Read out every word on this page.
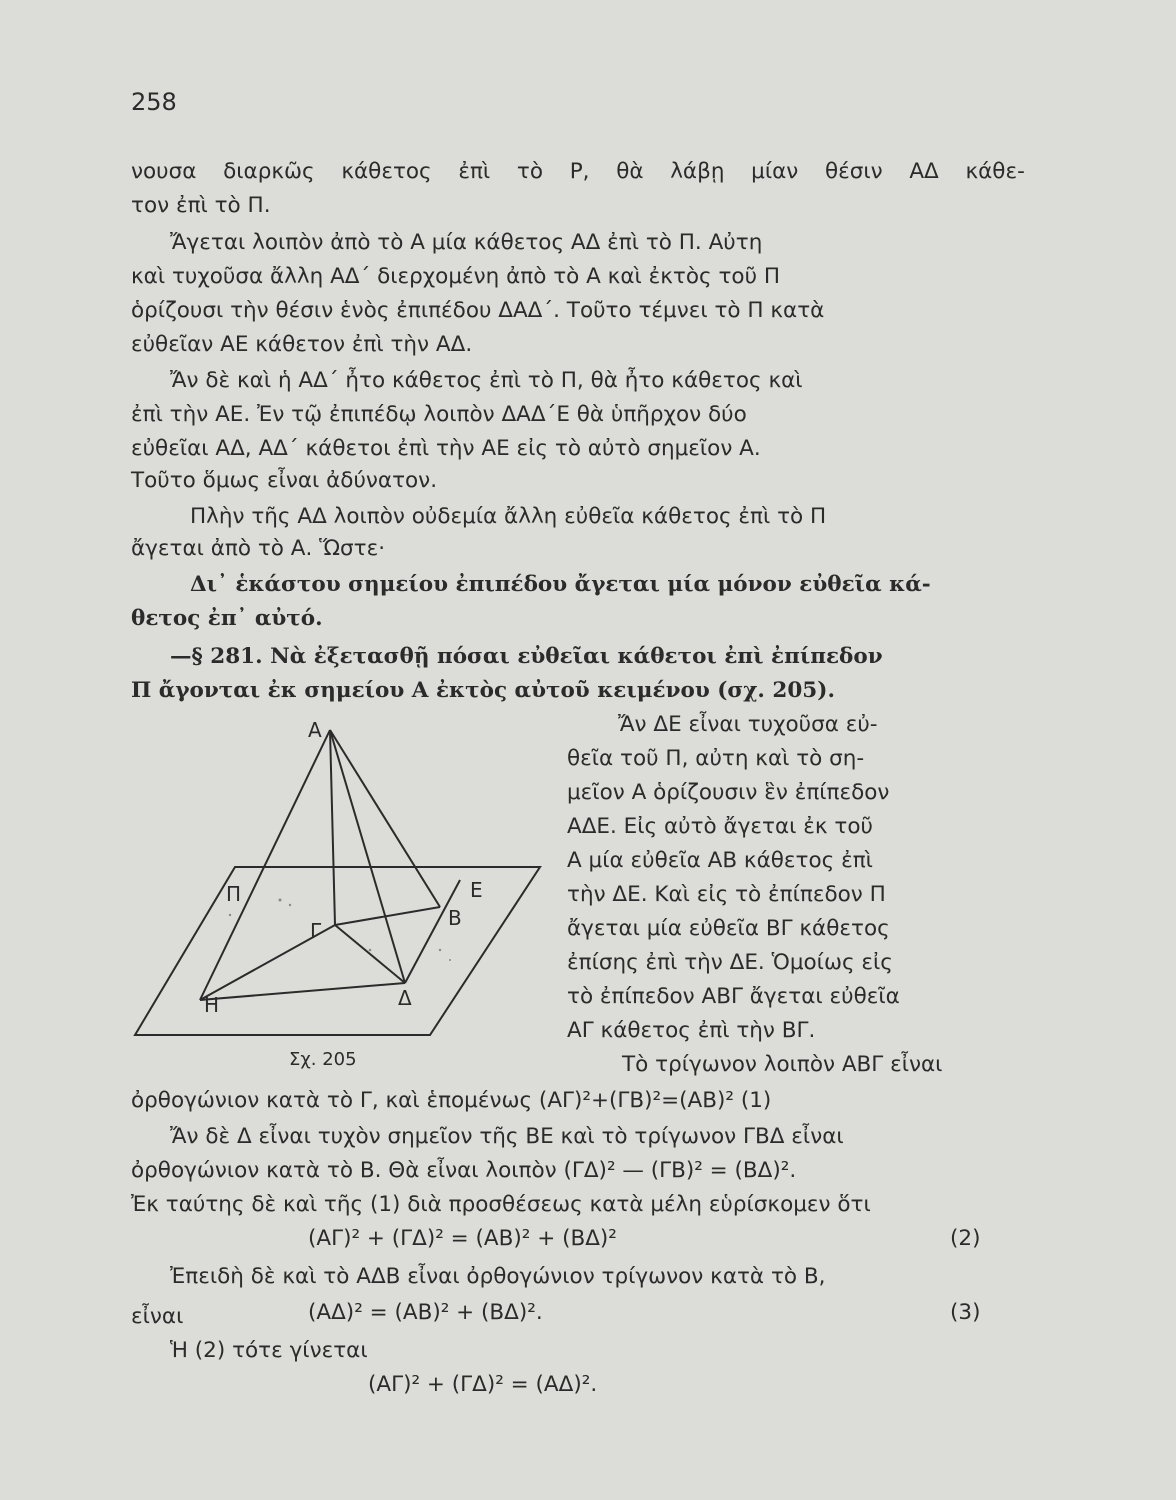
258
νουσα διαρκῶς κάθετος ἐπὶ τὸ Ρ, θὰ λάβῃ μίαν θέσιν ΑΔ κάθε-
τον ἐπὶ τὸ Π.
Ἄγεται λοιπὸν ἀπὸ τὸ Α μία κάθετος ΑΔ ἐπὶ τὸ Π. Αὐτη
καὶ τυχοῦσα ἄλλη ΑΔ΄ διερχομένη ἀπὸ τὸ Α καὶ ἐκτὸς τοῦ Π
ὁρίζουσι τὴν θέσιν ἑνὸς ἐπιπέδου ΔΑΔ΄. Τοῦτο τέμνει τὸ Π κατὰ
εὐθεῖαν ΑΕ κάθετον ἐπὶ τὴν ΑΔ.
Ἄν δὲ καὶ ἡ ΑΔ΄ ἦτο κάθετος ἐπὶ τὸ Π, θὰ ἦτο κάθετος καὶ
ἐπὶ τὴν ΑΕ. Ἐν τῷ ἐπιπέδῳ λοιπὸν ΔΑΔ΄Ε θὰ ὑπῆρχον δύο
εὐθεῖαι ΑΔ, ΑΔ΄ κάθετοι ἐπὶ τὴν ΑΕ εἰς τὸ αὐτὸ σημεῖον Α.
Τοῦτο ὅμως εἶναι ἀδύνατον.
Πλὴν τῆς ΑΔ λοιπὸν οὐδεμία ἄλλη εὐθεῖα κάθετος ἐπὶ τὸ Π
ἄγεται ἀπὸ τὸ Α. Ὥστε·
Δι᾽ ἑκάστου σημείου ἐπιπέδου ἄγεται μία μόνον εὐθεῖα κά-
θετος ἐπ᾽ αὐτό.
—§ 281. Νὰ ἐξετασθῇ πόσαι εὐθεῖαι κάθετοι ἐπὶ ἐπίπεδον
Π ἄγονται ἐκ σημείου Α ἐκτὸς αὐτοῦ κειμένου (σχ. 205).
Ἄν ΔΕ εἶναι τυχοῦσα εὐ-
θεῖα τοῦ Π, αὐτη καὶ τὸ ση-
μεῖον Α ὁρίζουσιν ἓν ἐπίπεδον
ΑΔΕ. Εἰς αὐτὸ ἄγεται ἐκ τοῦ
Α μία εὐθεῖα ΑΒ κάθετος ἐπὶ
τὴν ΔΕ. Καὶ εἰς τὸ ἐπίπεδον Π
ἄγεται μία εὐθεῖα ΒΓ κάθετος
ἐπίσης ἐπὶ τὴν ΔΕ. Ὁμοίως εἰς
τὸ ἐπίπεδον ΑΒΓ ἄγεται εὐθεῖα
ΑΓ κάθετος ἐπὶ τὴν ΒΓ.
Τὸ τρίγωνον λοιπὸν ΑΒΓ εἶναι
Α
Π	Ε
Β
Γ
Η	Δ
Σχ. 205
ὀρθογώνιον κατὰ τὸ Γ, καὶ ἑπομένως (ΑΓ)²+(ΓΒ)²=(ΑΒ)² (1)
Ἄν δὲ Δ εἶναι τυχὸν σημεῖον τῆς ΒΕ καὶ τὸ τρίγωνον ΓΒΔ εἶναι
ὀρθογώνιον κατὰ τὸ Β. Θὰ εἶναι λοιπὸν (ΓΔ)² — (ΓΒ)² = (ΒΔ)².
Ἐκ ταύτης δὲ καὶ τῆς (1) διὰ προσθέσεως κατὰ μέλη εὑρίσκομεν ὅτι
(ΑΓ)² + (ΓΔ)² = (ΑΒ)² + (ΒΔ)²	(2)
Ἐπειδὴ δὲ καὶ τὸ ΑΔΒ εἶναι ὀρθογώνιον τρίγωνον κατὰ τὸ Β,
εἶναι	(ΑΔ)² = (ΑΒ)² + (ΒΔ)².	(3)
Ἡ (2) τότε γίνεται
(ΑΓ)² + (ΓΔ)² = (ΑΔ)².
